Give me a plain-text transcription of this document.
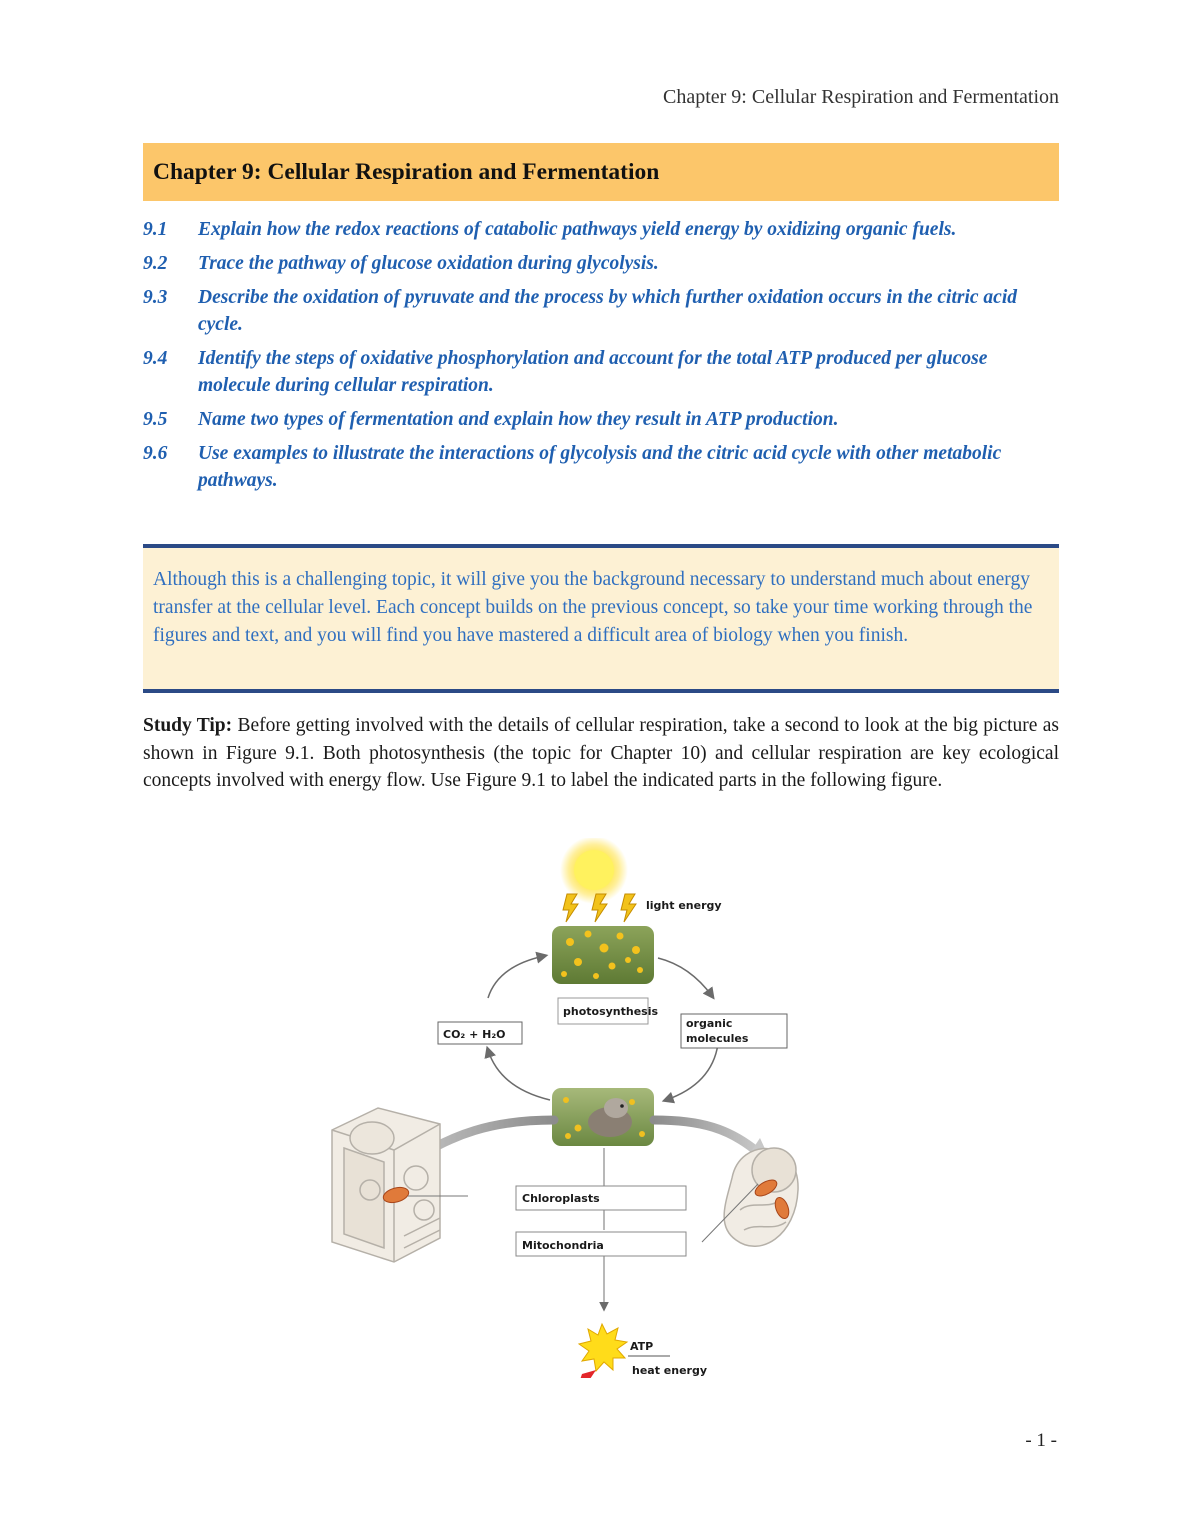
Chapter 9: Cellular Respiration and Fermentation
Chapter 9: Cellular Respiration and Fermentation
9.1	Explain how the redox reactions of catabolic pathways yield energy by oxidizing organic fuels.
9.2	Trace the pathway of glucose oxidation during glycolysis.
9.3	Describe the oxidation of pyruvate and the process by which further oxidation occurs in the citric acid cycle.
9.4	Identify the steps of oxidative phosphorylation and account for the total ATP produced per glucose molecule during cellular respiration.
9.5	Name two types of fermentation and explain how they result in ATP production.
9.6	Use examples to illustrate the interactions of glycolysis and the citric acid cycle with other metabolic pathways.

Although this is a challenging topic, it will give you the background necessary to understand much about energy transfer at the cellular level. Each concept builds on the previous concept, so take your time working through the figures and text, and you will find you have mastered a difficult area of biology when you finish.

Study Tip: Before getting involved with the details of cellular respiration, take a second to look at the big picture as shown in Figure 9.1. Both photosynthesis (the topic for Chapter 10) and cellular respiration are key ecological concepts involved with energy flow. Use Figure 9.1 to label the indicated parts in the following figure.

light energy
photosynthesis
CO₂ + H₂O
organic
molecules
Chloroplasts
Mitochondria
ATP
heat energy
- 1 -
